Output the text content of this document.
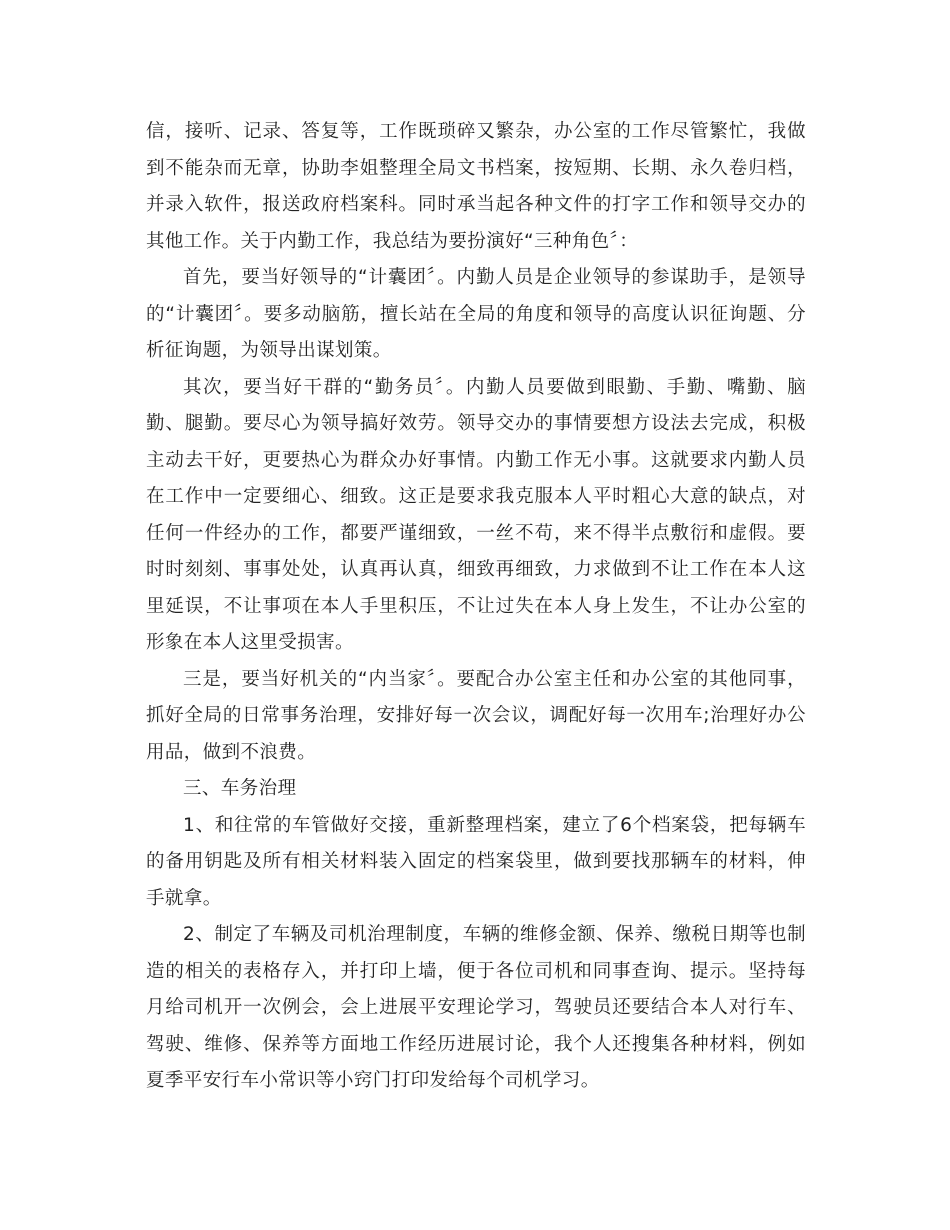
信，接听、记录、答复等，工作既琐碎又繁杂，办公室的工作尽管繁忙，我做到不能杂而无章，协助李姐整理全局文书档案，按短期、长期、永久卷归档，并录入软件，报送政府档案科。同时承当起各种文件的打字工作和领导交办的其他工作。关于内勤工作，我总结为要扮演好“三种角色〞：

首先，要当好领导的“计囊团〞。内勤人员是企业领导的参谋助手，是领导的“计囊团〞。要多动脑筋，擅长站在全局的角度和领导的高度认识征询题、分析征询题，为领导出谋划策。

其次，要当好干群的“勤务员〞。内勤人员要做到眼勤、手勤、嘴勤、脑勤、腿勤。要尽心为领导搞好效劳。领导交办的事情要想方设法去完成，积极主动去干好，更要热心为群众办好事情。内勤工作无小事。这就要求内勤人员在工作中一定要细心、细致。这正是要求我克服本人平时粗心大意的缺点，对任何一件经办的工作，都要严谨细致，一丝不苟，来不得半点敷衍和虚假。要时时刻刻、事事处处，认真再认真，细致再细致，力求做到不让工作在本人这里延误，不让事项在本人手里积压，不让过失在本人身上发生，不让办公室的形象在本人这里受损害。

三是，要当好机关的“内当家〞。要配合办公室主任和办公室的其他同事，抓好全局的日常事务治理，安排好每一次会议，调配好每一次用车;治理好办公用品，做到不浪费。

三、车务治理

1、和往常的车管做好交接，重新整理档案，建立了6个档案袋，把每辆车的备用钥匙及所有相关材料装入固定的档案袋里，做到要找那辆车的材料，伸手就拿。

2、制定了车辆及司机治理制度，车辆的维修金额、保养、缴税日期等也制造的相关的表格存入，并打印上墙，便于各位司机和同事查询、提示。坚持每月给司机开一次例会，会上进展平安理论学习，驾驶员还要结合本人对行车、驾驶、维修、保养等方面地工作经历进展讨论，我个人还搜集各种材料，例如夏季平安行车小常识等小窍门打印发给每个司机学习。
